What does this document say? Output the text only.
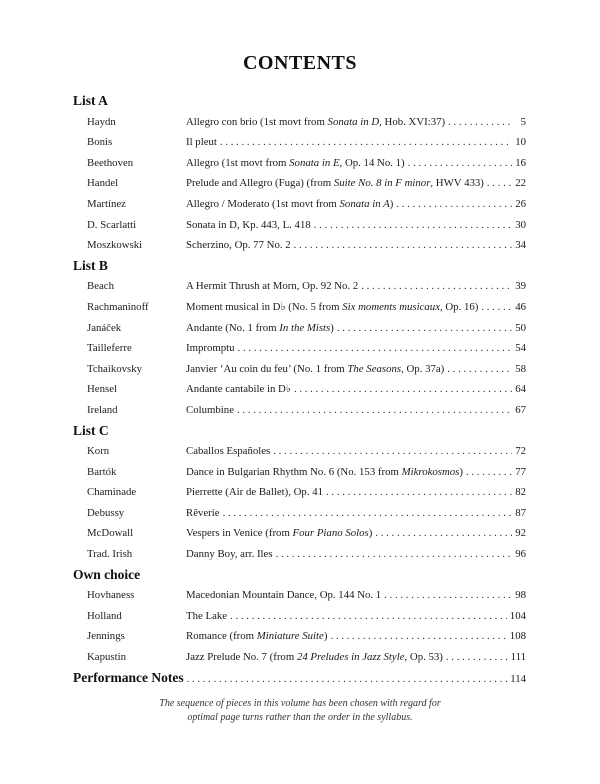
CONTENTS
List A
Haydn	Allegro con brio (1st movt from Sonata in D, Hob. XVI:37) . . .	5
Bonis	Il pleut . . .	10
Beethoven	Allegro (1st movt from Sonata in E, Op. 14 No. 1) . . .	16
Handel	Prelude and Allegro (Fuga) (from Suite No. 8 in F minor, HWV 433) . . .	22
Martínez	Allegro / Moderato (1st movt from Sonata in A) . . .	26
D. Scarlatti	Sonata in D, Kp. 443, L. 418 . . .	30
Moszkowski	Scherzino, Op. 77 No. 2 . . .	34
List B
Beach	A Hermit Thrush at Morn, Op. 92 No. 2 . . .	39
Rachmaninoff	Moment musical in D♭ (No. 5 from Six moments musicaux, Op. 16) . . .	46
Janáček	Andante (No. 1 from In the Mists) . . .	50
Tailleferre	Impromptu . . .	54
Tchaikovsky	Janvier ‘Au coin du feu’ (No. 1 from The Seasons, Op. 37a) . . .	58
Hensel	Andante cantabile in D♭ . . .	64
Ireland	Columbine . . .	67
List C
Korn	Caballos Españoles . . .	72
Bartók	Dance in Bulgarian Rhythm No. 6 (No. 153 from Mikrokosmos) . . .	77
Chaminade	Pierrette (Air de Ballet), Op. 41 . . .	82
Debussy	Rêverie . . .	87
McDowall	Vespers in Venice (from Four Piano Solos) . . .	92
Trad. Irish	Danny Boy, arr. Iles . . .	96
Own choice
Hovhaness	Macedonian Mountain Dance, Op. 144 No. 1 . . .	98
Holland	The Lake . . .	104
Jennings	Romance (from Miniature Suite) . . .	108
Kapustin	Jazz Prelude No. 7 (from 24 Preludes in Jazz Style, Op. 53) . . .	111
Performance Notes . . .	114
The sequence of pieces in this volume has been chosen with regard for
optimal page turns rather than the order in the syllabus.
